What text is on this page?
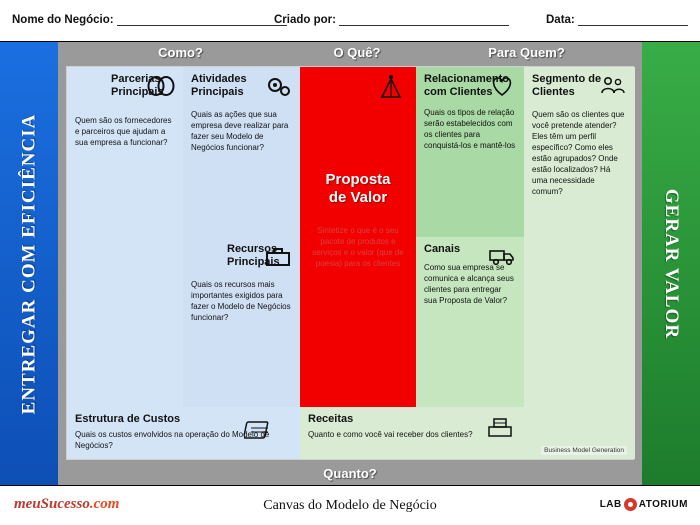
Nome do Negócio:	Criado por:	Data:
ENTREGAR COM EFICIÊNCIA	GERAR VALOR
Como?	O Quê?	Para Quem?
Quanto?
Parcerias
Principais
Quem são os fornecedores e parceiros que ajudam a sua empresa a funcionar?
Atividades
Principais
Quais as ações que sua empresa deve realizar para fazer seu Modelo de Negócios funcionar?
Recursos
Principais
Quais os recursos mais importantes exigidos para fazer o Modelo de Negócios funcionar?
Proposta
de Valor
Sintetize o que é o seu pacote de produtos e serviços e o valor (que de poesia) para os clientes
Relacionamento
com Clientes
Quais os tipos de relação serão estabelecidos com os clientes para conquistá-los e mantê-los
Canais
Como sua empresa se comunica e alcança seus clientes para entregar sua Proposta de Valor?
Segmento de
Clientes
Quem são os clientes que você pretende atender? Eles têm um perfil específico? Como eles estão agrupados? Onde estão localizados? Há uma necessidade comum?
Estrutura de Custos
Quais os custos envolvidos na operação do Modelo de Negócios?
Receitas
Quanto e como você vai receber dos clientes?
Business Model Generation
meuSucesso.com	Canvas do Modelo de Negócio	LAB ATORIUM
